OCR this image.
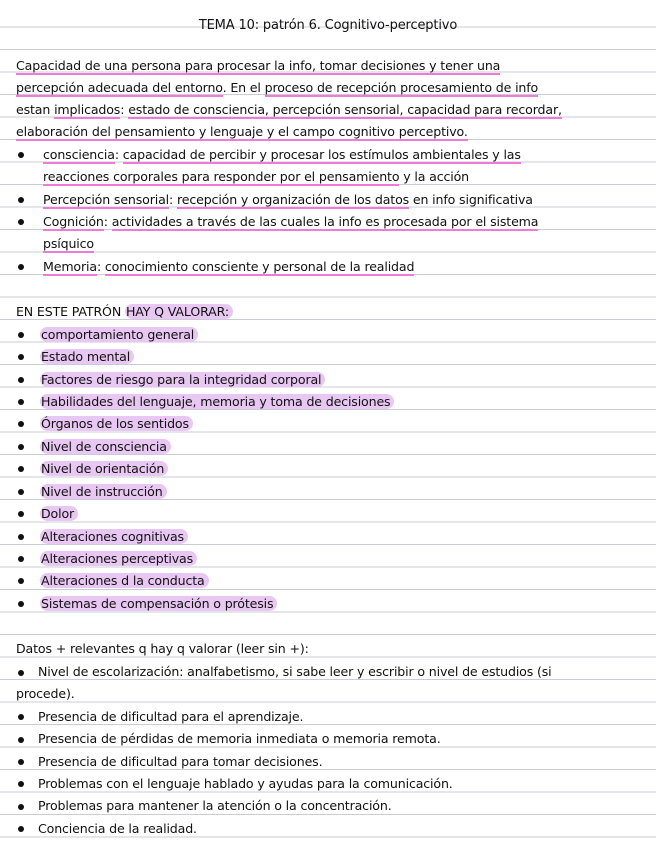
TEMA 10: patrón 6. Cognitivo-perceptivo
Capacidad de una persona para procesar la info, tomar decisiones y tener una
percepción adecuada del entorno. En el proceso de recepción procesamiento de info
estan implicados: estado de consciencia, percepción sensorial, capacidad para recordar,
elaboración del pensamiento y lenguaje y el campo cognitivo perceptivo.
consciencia: capacidad de percibir y procesar los estímulos ambientales y las
reacciones corporales para responder por el pensamiento y la acción
Percepción sensorial: recepción y organización de los datos en info significativa
Cognición: actividades a través de las cuales la info es procesada por el sistema
psíquico
Memoria: conocimiento consciente y personal de la realidad
EN ESTE PATRÓN HAY Q VALORAR:
comportamiento general
Estado mental
Factores de riesgo para la integridad corporal
Habilidades del lenguaje, memoria y toma de decisiones
Órganos de los sentidos
Nivel de consciencia
Nivel de orientación
Nivel de instrucción
Dolor
Alteraciones cognitivas
Alteraciones perceptivas
Alteraciones d la conducta
Sistemas de compensación o prótesis
Datos + relevantes q hay q valorar (leer sin +):
Nivel de escolarización: analfabetismo, si sabe leer y escribir o nivel de estudios (si
procede).
Presencia de dificultad para el aprendizaje.
Presencia de pérdidas de memoria inmediata o memoria remota.
Presencia de dificultad para tomar decisiones.
Problemas con el lenguaje hablado y ayudas para la comunicación.
Problemas para mantener la atención o la concentración.
Conciencia de la realidad.
